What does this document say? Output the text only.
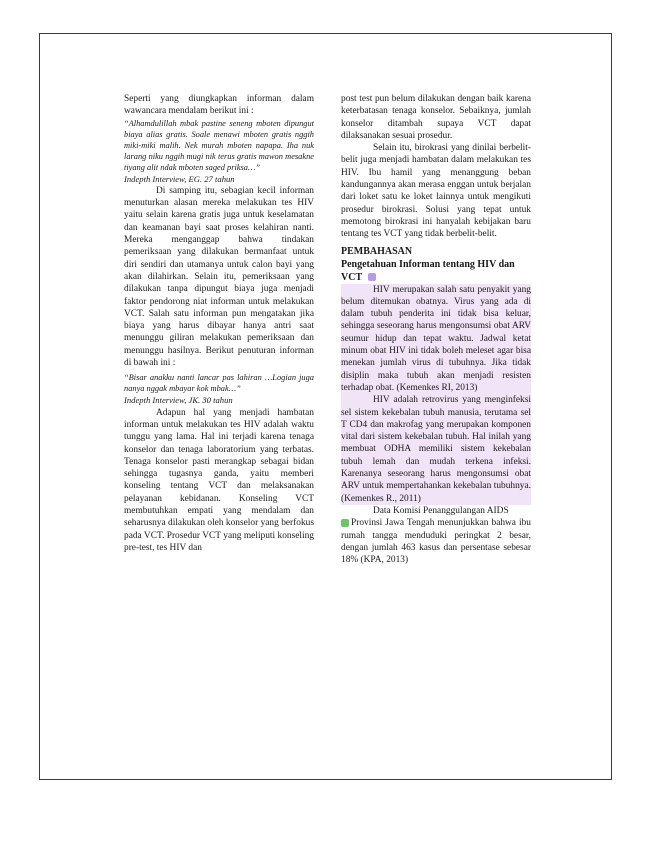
Seperti yang diungkapkan informan dalam wawancara mendalam berikut ini :

“Alhamdulillah mbak pastine seneng mboten dipungut biaya alias gratis. Soale menawi mboten gratis nggih miki-miki malih. Nek murah mboten napapa. Iha nuk larang niku nggih mugi nik terus gratis mawon mesakne tiyang alit ndak mboten saged priksa…”

Indepth Interview, EG. 27 tahun

Di samping itu, sebagian kecil informan menuturkan alasan mereka melakukan tes HIV yaitu selain karena gratis juga untuk keselamatan dan keamanan bayi saat proses kelahiran nanti. Mereka menganggap bahwa tindakan pemeriksaan yang dilakukan bermanfaat untuk diri sendiri dan utamanya untuk calon bayi yang akan dilahirkan. Selain itu, pemeriksaan yang dilakukan tanpa dipungut biaya juga menjadi faktor pendorong niat informan untuk melakukan VCT. Salah satu informan pun mengatakan jika biaya yang harus dibayar hanya antri saat menunggu giliran melakukan pemeriksaan dan menunggu hasilnya. Berikut penuturan informan di bawah ini :

“Bisar anakku nanti lancar pas lahiran …Logian juga nanya nggak mbayar kok mbak…”

Indepth Interview, JK. 30 tahun

Adapun hal yang menjadi hambatan informan untuk melakukan tes HIV adalah waktu tunggu yang lama. Hal ini terjadi karena tenaga konselor dan tenaga laboratorium yang terbatas. Tenaga konselor pasti merangkap sebagai bidan sehingga tugasnya ganda, yaitu memberi konseling tentang VCT dan melaksanakan pelayanan kebidanan. Konseling VCT membutuhkan empati yang mendalam dan seharusnya dilakukan oleh konselor yang berfokus pada VCT. Prosedur VCT yang meliputi konseling pre-test, tes HIV dan

post test pun belum dilakukan dengan baik karena keterbatasan tenaga konselor. Sebaiknya, jumlah konselor ditambah supaya VCT dapat dilaksanakan sesuai prosedur.

Selain itu, birokrasi yang dinilai berbelit-belit juga menjadi hambatan dalam melakukan tes HIV. Ibu hamil yang menanggung beban kandungannya akan merasa enggan untuk berjalan dari loket satu ke loket lainnya untuk mengikuti prosedur birokrasi. Solusi yang tepat untuk memotong birokrasi ini hanyalah kebijakan baru tentang tes VCT yang tidak berbelit-belit.

PEMBAHASAN
Pengetahuan Informan tentang HIV dan VCT

HIV merupakan salah satu penyakit yang belum ditemukan obatnya. Virus yang ada di dalam tubuh penderita ini tidak bisa keluar, sehingga seseorang harus mengonsumsi obat ARV seumur hidup dan tepat waktu. Jadwal ketat minum obat HIV ini tidak boleh meleset agar bisa menekan jumlah virus di tubuhnya. Jika tidak disiplin maka tubuh akan menjadi resisten terhadap obat. (Kemenkes RI, 2013)

HIV adalah retrovirus yang menginfeksi sel sistem kekebalan tubuh manusia, terutama sel T CD4 dan makrofag yang merupakan komponen vital dari sistem kekebalan tubuh. Hal inilah yang membuat ODHA memiliki sistem kekebalan tubuh lemah dan mudah terkena infeksi. Karenanya seseorang harus mengonsumsi obat ARV untuk mempertahankan kekebalan tubuhnya. (Kemenkes R., 2011)

Data Komisi Penanggulangan AIDS

Provinsi Jawa Tengah menunjukkan bahwa ibu rumah tangga menduduki peringkat 2 besar, dengan jumlah 463 kasus dan persentase sebesar 18% (KPA, 2013)
